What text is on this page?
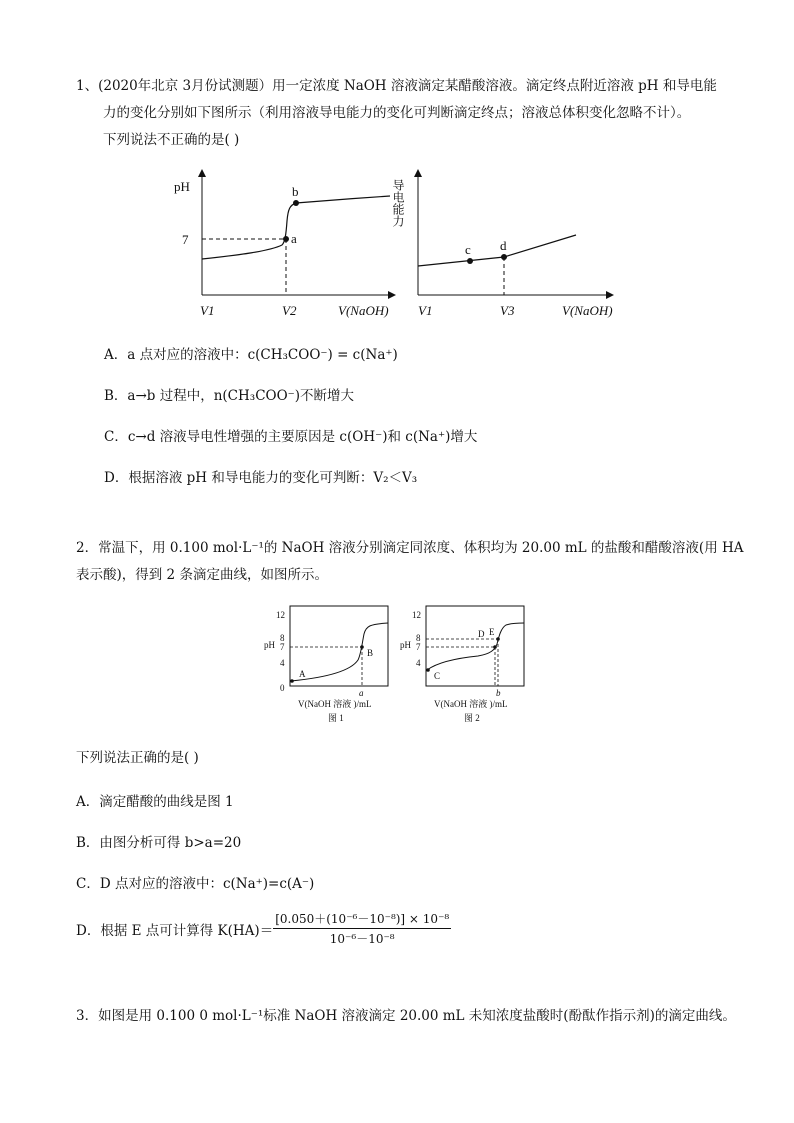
1、(2020年北京 3月份试测题）用一定浓度 NaOH 溶液滴定某醋酸溶液。滴定终点附近溶液 pH 和导电能
力的变化分别如下图所示（利用溶液导电能力的变化可判断滴定终点；溶液总体积变化忽略不计）。
下列说法不正确的是( )
pH
7	a
b
V1	V2	V(NaOH)
导电能力
c d
V1	V3	V(NaOH)
A．a 点对应的溶液中：c(CH₃COO⁻) = c(Na⁺)
B．a→b 过程中，n(CH₃COO⁻)不断增大
C．c→d 溶液导电性增强的主要原因是 c(OH⁻)和 c(Na⁺)增大
D．根据溶液 pH 和导电能力的变化可判断：V₂＜V₃
2．常温下，用 0.100 mol·L⁻¹的 NaOH 溶液分别滴定同浓度、体积均为 20.00 mL 的盐酸和醋酸溶液(用 HA
表示酸)，得到 2 条滴定曲线，如图所示。
12
8
7
4
0
pH
A
B
a
V(NaOH 溶液 )/mL
图 1
12
8
7
4
pH
C
D E
b
V(NaOH 溶液 )/mL
图 2
下列说法正确的是( )
A．滴定醋酸的曲线是图 1
B．由图分析可得 b>a=20
C．D 点对应的溶液中：c(Na⁺)=c(A⁻)
D．根据 E 点可计算得 $K(HA)= \frac{\text{[0.050＋(10⁻⁶－10⁻⁸)] × 10⁻⁸}}{\text{10⁻⁶－10⁻⁸}}$
3．如图是用 0.100 0 mol·L⁻¹标准 NaOH 溶液滴定 20.00 mL 未知浓度盐酸时(酚酞作指示剂)的滴定曲线。
